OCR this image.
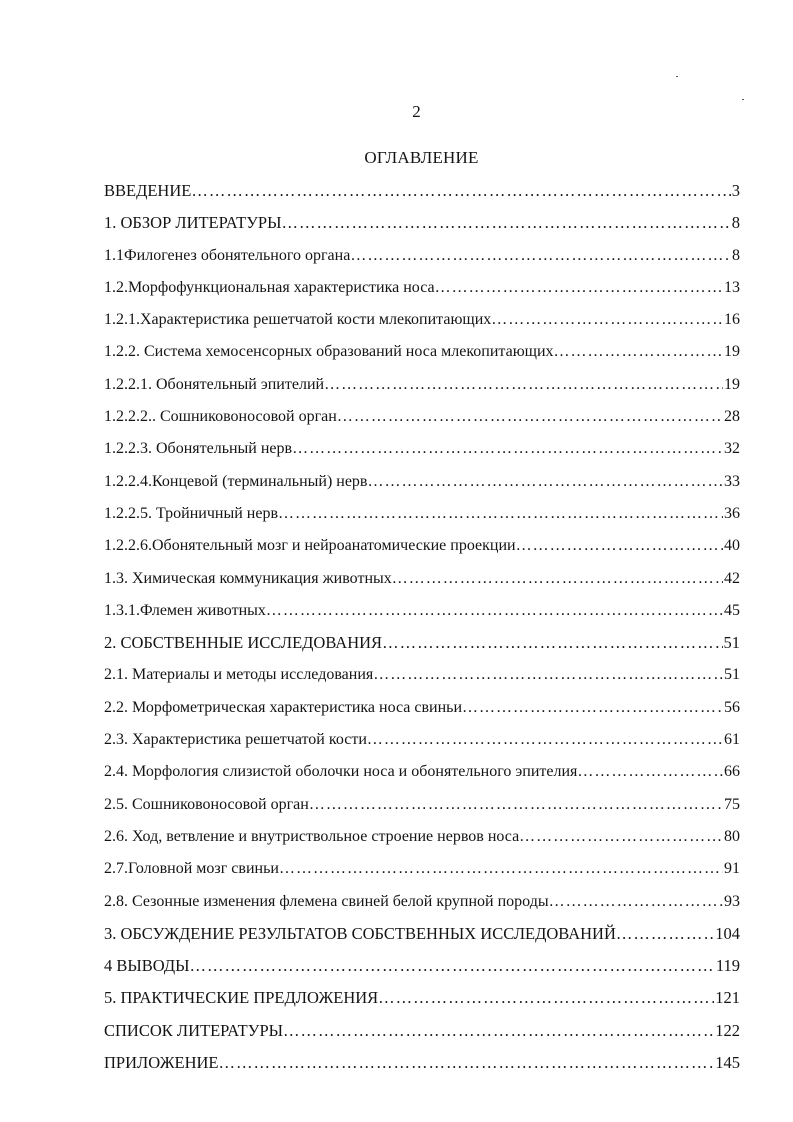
2
ОГЛАВЛЕНИЕ
ВВЕДЕНИЕ …………………………………………………………………………………………………………………………………………………………………………………	3
1. ОБЗОР ЛИТЕРАТУРЫ …………………………………………………………………………………………………………………………………………………………………………………	8
1.1Филогенез обонятельного органа …………………………………………………………………………………………………………………………………………………………………………………	8
1.2.Морфофункциональная характеристика носа …………………………………………………………………………………………………………………………………………………………………………………	13
1.2.1.Характеристика решетчатой кости млекопитающих …………………………………………………………………………………………………………………………………………………………………………………	16
1.2.2. Система хемосенсорных образований носа млекопитающих …………………………………………………………………………………………………………………………………………………………………………………	19
1.2.2.1. Обонятельный эпителий …………………………………………………………………………………………………………………………………………………………………………………	19
1.2.2.2.. Сошниковоносовой орган …………………………………………………………………………………………………………………………………………………………………………………	28
1.2.2.3. Обонятельный нерв …………………………………………………………………………………………………………………………………………………………………………………	32
1.2.2.4.Концевой (терминальный) нерв …………………………………………………………………………………………………………………………………………………………………………………	33
1.2.2.5. Тройничный нерв …………………………………………………………………………………………………………………………………………………………………………………	36
1.2.2.6.Обонятельный мозг и нейроанатомические проекции …………………………………………………………………………………………………………………………………………………………………………………	40
1.3. Химическая коммуникация животных …………………………………………………………………………………………………………………………………………………………………………………	42
1.3.1.Флемен животных …………………………………………………………………………………………………………………………………………………………………………………	45
2. СОБСТВЕННЫЕ ИССЛЕДОВАНИЯ …………………………………………………………………………………………………………………………………………………………………………………	51
2.1. Материалы и методы исследования …………………………………………………………………………………………………………………………………………………………………………………	51
2.2. Морфометрическая характеристика носа свиньи …………………………………………………………………………………………………………………………………………………………………………………	56
2.3. Характеристика решетчатой кости …………………………………………………………………………………………………………………………………………………………………………………	61
2.4. Морфология слизистой оболочки носа и обонятельного эпителия …………………………………………………………………………………………………………………………………………………………………………………	66
2.5. Сошниковоносовой орган …………………………………………………………………………………………………………………………………………………………………………………	75
2.6. Ход, ветвление и внутриствольное строение нервов носа …………………………………………………………………………………………………………………………………………………………………………………	80
2.7.Головной мозг свиньи …………………………………………………………………………………………………………………………………………………………………………………	91
2.8. Сезонные изменения флемена свиней белой крупной породы …………………………………………………………………………………………………………………………………………………………………………………	93
3. ОБСУЖДЕНИЕ РЕЗУЛЬТАТОВ СОБСТВЕННЫХ ИССЛЕДОВАНИЙ …………………………………………………………………………………………………………………………………………………………………………………	104
4 ВЫВОДЫ …………………………………………………………………………………………………………………………………………………………………………………	119
5. ПРАКТИЧЕСКИЕ ПРЕДЛОЖЕНИЯ …………………………………………………………………………………………………………………………………………………………………………………	121
СПИСОК ЛИТЕРАТУРЫ …………………………………………………………………………………………………………………………………………………………………………………	122
ПРИЛОЖЕНИЕ …………………………………………………………………………………………………………………………………………………………………………………	145
